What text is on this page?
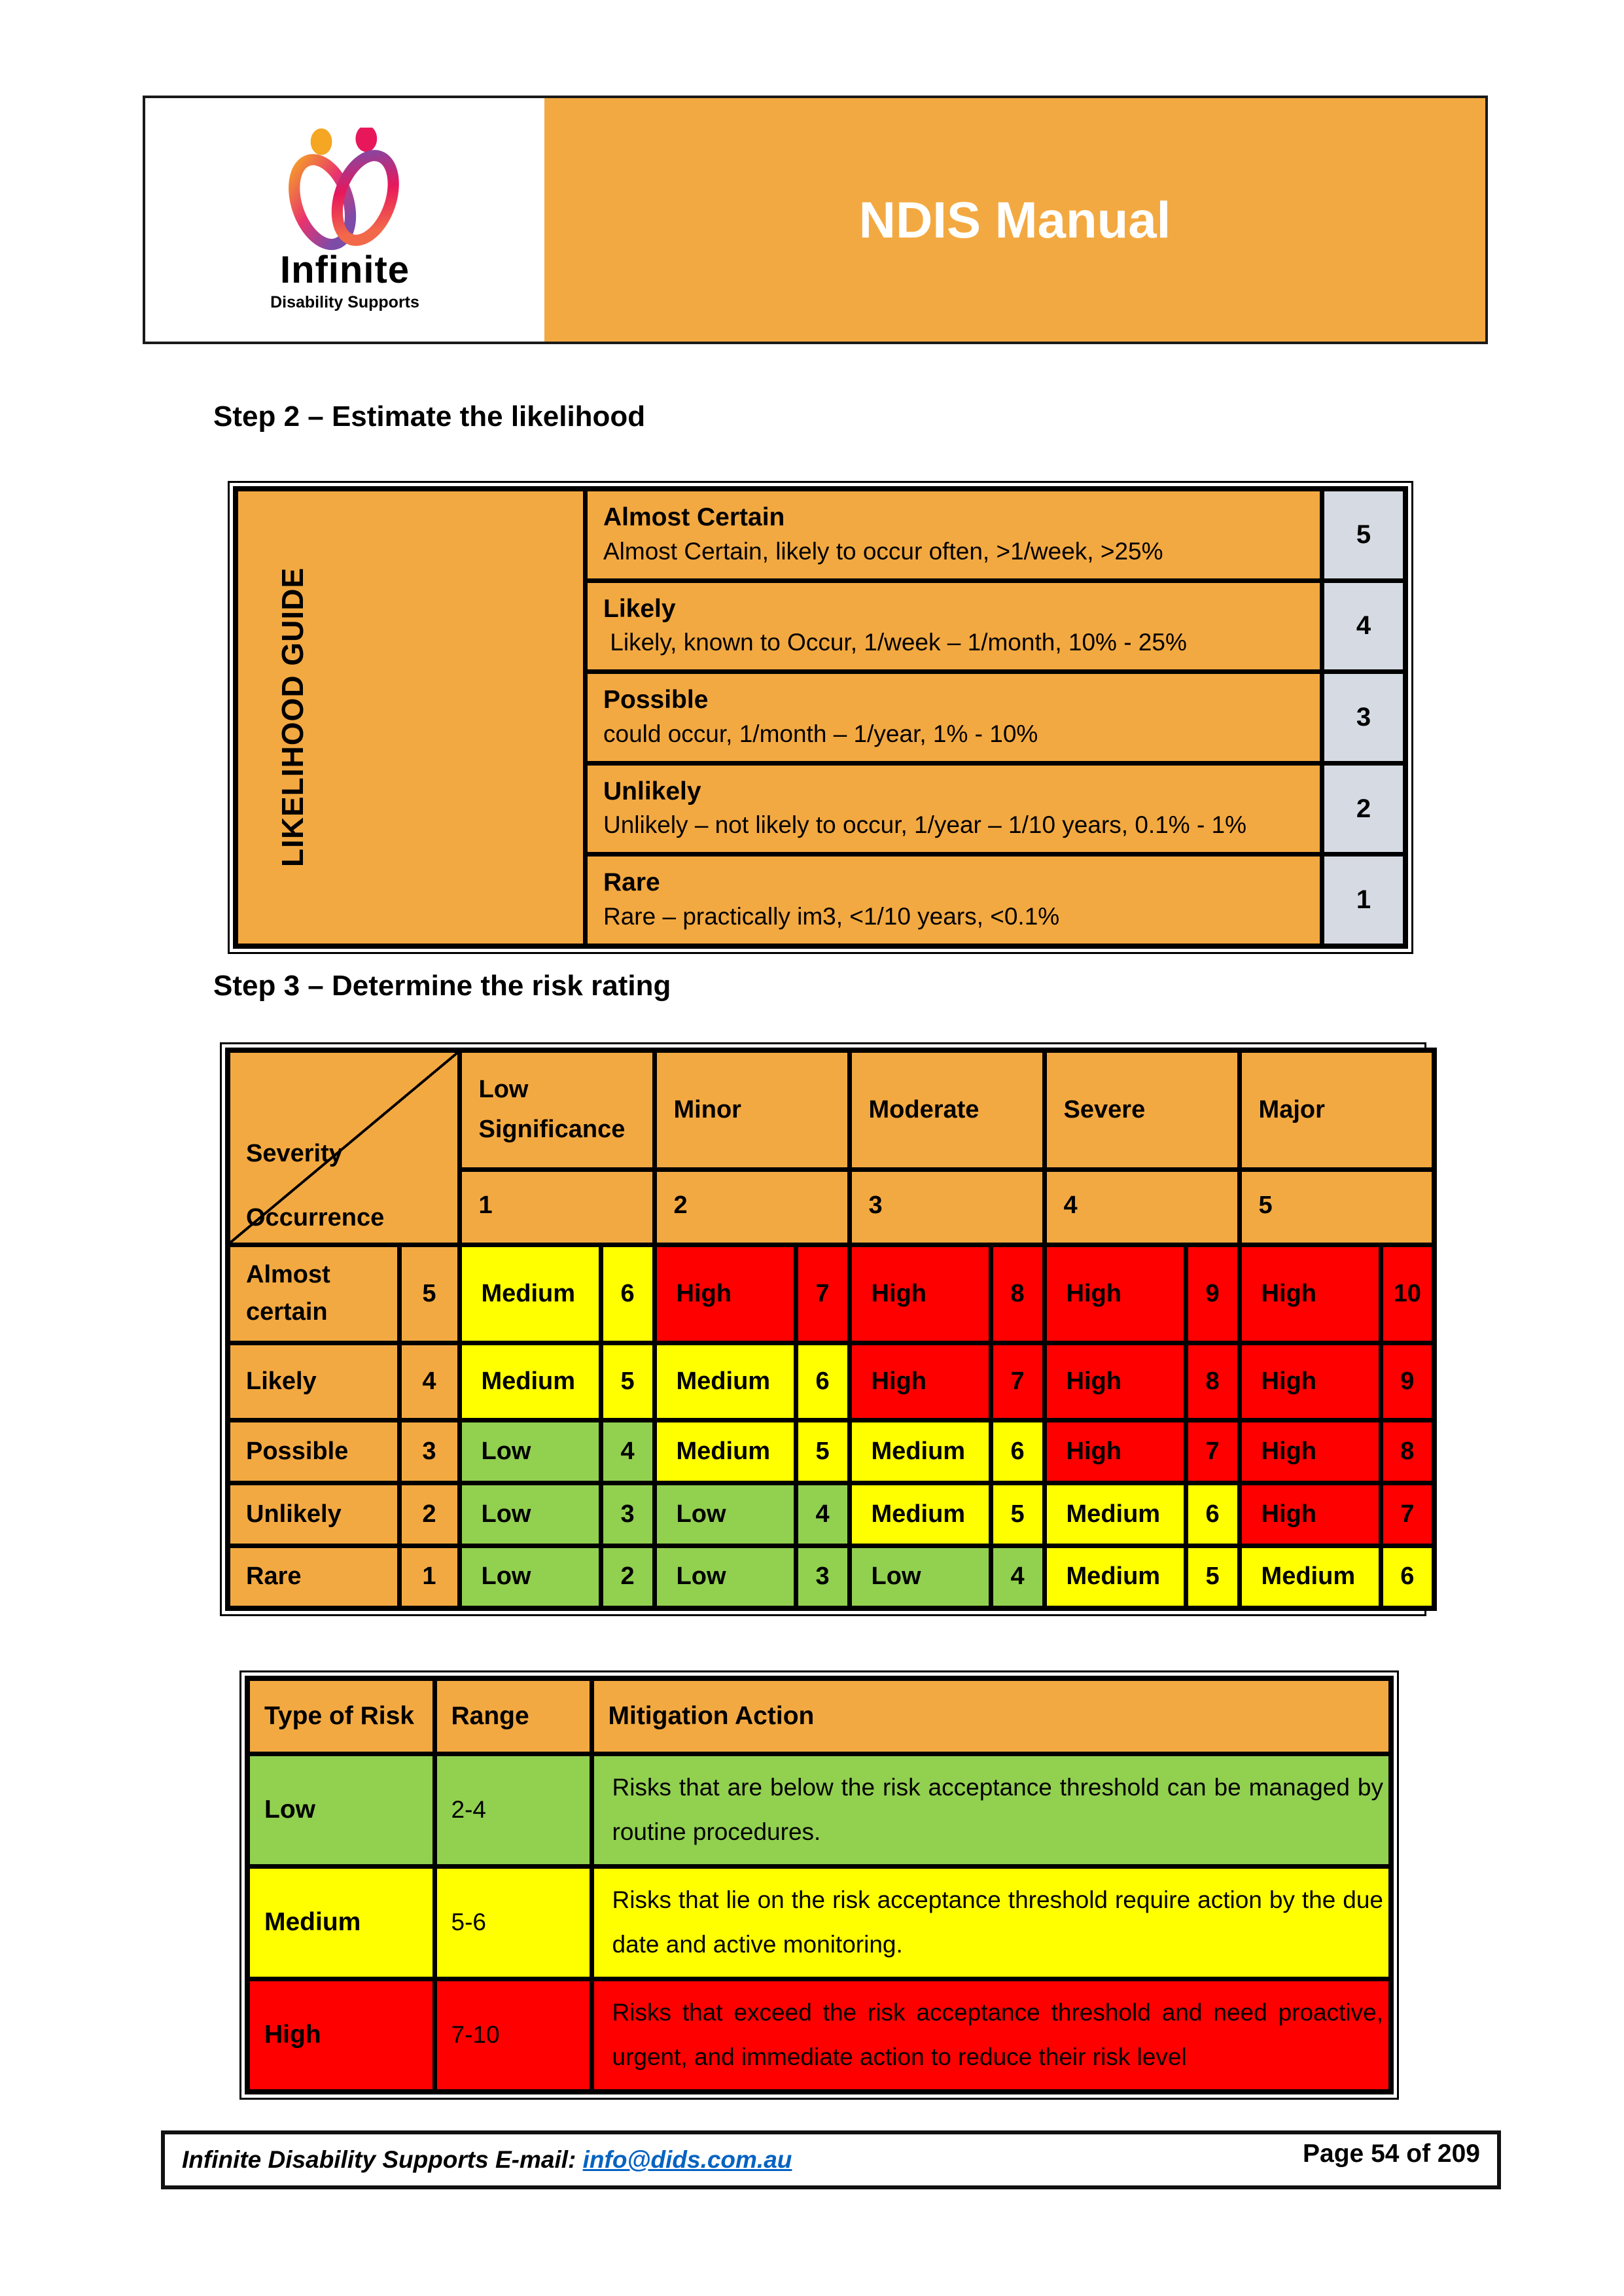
Infinite
Disability Supports
NDIS Manual
Step 2 – Estimate the likelihood
LIKELIHOOD GUIDE	Almost Certain
Almost Certain, likely to occur often, >1/week, >25%	5

	Likely
Likely, known to Occur, 1/week – 1/month, 10% - 25%	4

	Possible
could occur, 1/month – 1/year, 1% - 10%	3

	Unlikely
Unlikely – not likely to occur, 1/year – 1/10 years, 0.1% - 1%	2

	Rare
Rare – practically im3, <1/10 years, <0.1%	1
Step 3 – Determine the risk rating
Severity
Occurrence		Low Significance		Minor		Moderate		Severe		Major	
		1		2		3		4		5	
Almost certain	5	Medium	6	High	7	High	8	High	9	High	10
Likely	4	Medium	5	Medium	6	High	7	High	8	High	9
Possible	3	Low	4	Medium	5	Medium	6	High	7	High	8
Unlikely	2	Low	3	Low	4	Medium	5	Medium	6	High	7
Rare	1	Low	2	Low	3	Low	4	Medium	5	Medium	6
Type of Risk	Range	Mitigation Action
Low	2-4	Risks that are below the risk acceptance threshold can be managed by routine procedures.
Medium	5-6	Risks that lie on the risk acceptance threshold require action by the due date and active monitoring.
High	7-10	Risks that exceed the risk acceptance threshold and need proactive, urgent, and immediate action to reduce their risk level
Infinite Disability Supports E-mail: info@dids.com.au	Page 54 of 209
